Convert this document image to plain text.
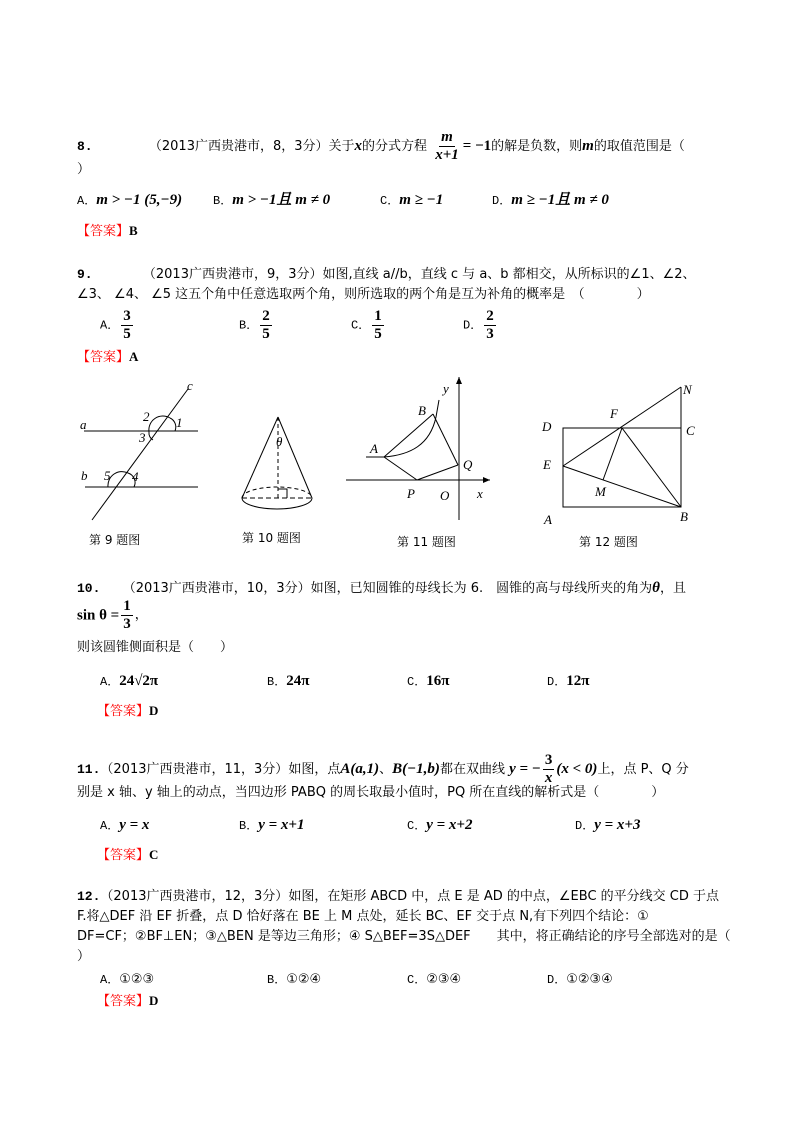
8.	（2013广西贵港市，8，3分）关于x的分式方程 $\frac{m}{x+1} = -1$的解是负数，则m的取值范围是（
）
A．m > −1 (5,−9)	B．m > −1且 m ≠ 0	C．m ≥ −1	D．m ≥ −1且 m ≠ 0
【答案】B
9.	（2013广西贵港市，9，3分）如图,直线 a//b，直线 c 与 a、b 都相交，从所标识的∠1、∠2、
∠3、 ∠4、 ∠5 这五个角中任意选取两个角，则所选取的两个角是互为补角的概率是　（　　　　）
A． $\frac{3}{5}$	B． $\frac{2}{5}$	C． $\frac{1}{5}$	D． $\frac{2}{3}$
【答案】A
a
b
c
1
2
3
4
5
第 9 题图
θ
第 10 题图
A
B
y
Q
P O x
第 11 题图
N
F
D	C
E
M
A	B
第 12 题图
10. （2013广西贵港市，10，3分）如图，已知圆锥的母线长为 6.　圆锥的高与母线所夹的角为θ，且
$\sin \theta = \frac{1}{3}$ ，
则该圆锥侧面积是（　　）
A．24√2π	B．24π	C．16π	D．12π
【答案】D
11.（2013广西贵港市，11，3分）如图，点A(a,1)、B(−1,b)都在双曲线 y = − $\frac{3}{x} (x < 0)$上，点 P、Q 分
别是 x 轴、y 轴上的动点，当四边形 PABQ 的周长取最小值时，PQ 所在直线的解析式是（　　　　）
A．y = x	B．y = x+1	C．y = x+2	D．y = x+3
【答案】C
12.（2013广西贵港市，12，3分）如图，在矩形 ABCD 中，点 E 是 AD 的中点，∠EBC 的平分线交 CD 于点
F.将△DEF 沿 EF 折叠，点 D 恰好落在 BE 上 M 点处，延长 BC、EF 交于点 N,有下列四个结论：①
DF=CF；②BF⊥EN；③△BEN 是等边三角形；④ S△BEF=3S△DEF　　其中，将正确结论的序号全部选对的是（
）
A．①②③	B．①②④	C．②③④	D．①②③④
【答案】D
